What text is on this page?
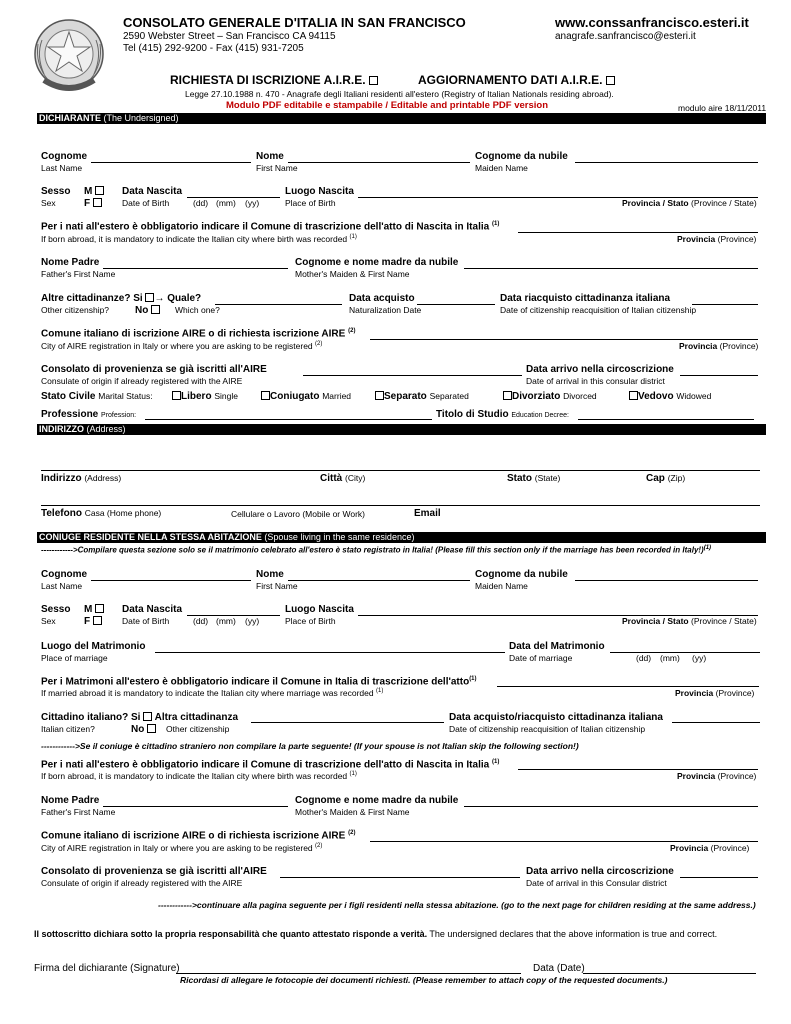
CONSOLATO GENERALE D'ITALIA IN SAN FRANCISCO
2590 Webster Street – San Francisco CA 94115
Tel (415) 292-9200 - Fax (415) 931-7205
www.conssanfrancisco.esteri.it
anagrafe.sanfrancisco@esteri.it
RICHIESTA DI ISCRIZIONE A.I.R.E.	AGGIORNAMENTO DATI A.I.R.E.
Legge 27.10.1988 n. 470 - Anagrafe degli Italiani residenti all'estero (Registry of Italian Nationals residing abroad).
Modulo PDF editabile e stampabile / Editable and printable PDF version	modulo aire 18/11/2011
DICHIARANTE (The Undersigned)
Cognome
Last Name
Nome
First Name
Cognome da nubile
Maiden Name
Sesso
Sex
M
F
Data Nascita
Date of Birth	(dd) (mm) (yy)
Luogo Nascita
Place of Birth	Provincia / Stato (Province / State)
Per i nati all'estero è obbligatorio indicare il Comune di trascrizione dell'atto di Nascita in Italia $^{(1)}$
If born abroad, it is mandatory to indicate the Italian city where birth was recorded $^{(1)}$	Provincia (Province)
Nome Padre
Father's First Name
Cognome e nome madre da nubile
Mother's Maiden & First Name
Altre cittadinanze? Si → Quale?
Other citizenship?	No	Which one?
Data acquisto
Naturalization Date
Data riacquisto cittadinanza italiana
Date of citizenship reacquisition of Italian citizenship
Comune italiano di iscrizione AIRE o di richiesta iscrizione AIRE $^{(2)}$
City of AIRE registration in Italy or where you are asking to be registered $^{(2)}$	Provincia (Province)
Consolato di provenienza se già iscritti all'AIRE
Consulate of origin if already registered with the AIRE
Data arrivo nella circoscrizione
Date of arrival in this consular district
Stato Civile Marital Status:	Libero Single	Coniugato Married	Separato Separated	Divorziato Divorced	Vedovo Widowed
Professione Profession:	Titolo di Studio Education Decree:
INDIRIZZO (Address)
Indirizzo (Address)	Città (City)	Stato (State)	Cap (Zip)
Telefono Casa (Home phone)	Cellulare o Lavoro (Mobile or Work)	Email
CONIUGE RESIDENTE NELLA STESSA ABITAZIONE (Spouse living in the same residence)
------------>Compilare questa sezione solo se il matrimonio celebrato all'estero è stato registrato in Italia! (Please fill this section only if the marriage has been recorded in Italy!)$^{(1)}$
Cognome
Last Name
Nome
First Name
Cognome da nubile
Maiden Name
Sesso
Sex
M
F
Data Nascita
Date of Birth	(dd) (mm) (yy)
Luogo Nascita
Place of Birth	Provincia / Stato (Province / State)
Luogo del Matrimonio
Place of marriage
Data del Matrimonio
Date of marriage	(dd) (mm) (yy)
Per i Matrimoni all'estero è obbligatorio indicare il Comune in Italia di trascrizione dell'atto$^{(1)}$
If married abroad it is mandatory to indicate the Italian city where marriage was recorded $^{(1)}$	Provincia (Province)
Cittadino italiano? Si Altra cittadinanza
Italian citizen?	No	Other citizenship
Data acquisto/riacquisto cittadinanza italiana
Date of citizenship reacquisition of Italian citizenship
------------>Se il coniuge è cittadino straniero non compilare la parte seguente! (If your spouse is not Italian skip the following section!)
Per i nati all'estero è obbligatorio indicare il Comune di trascrizione dell'atto di Nascita in Italia $^{(1)}$
If born abroad, it is mandatory to indicate the Italian city where birth was recorded $^{(1)}$	Provincia (Province)
Nome Padre
Father's First Name
Cognome e nome madre da nubile
Mother's Maiden & First Name
Comune italiano di iscrizione AIRE o di richiesta iscrizione AIRE $^{(2)}$
City of AIRE registration in Italy or where you are asking to be registered $^{(2)}$	Provincia (Province)
Consolato di provenienza se già iscritti all'AIRE
Consulate of origin if already registered with the AIRE
Data arrivo nella circoscrizione
Date of arrival in this Consular district
------------>continuare alla pagina seguente per i figli residenti nella stessa abitazione. (go to the next page for children residing at the same address.)
Il sottoscritto dichiara sotto la propria responsabilità che quanto attestato risponde a verità. The undersigned declares that the above information is true and correct.
Firma del dichiarante (Signature)	Data (Date)
Ricordasi di allegare le fotocopie dei documenti richiesti. (Please remember to attach copy of the requested documents.)
